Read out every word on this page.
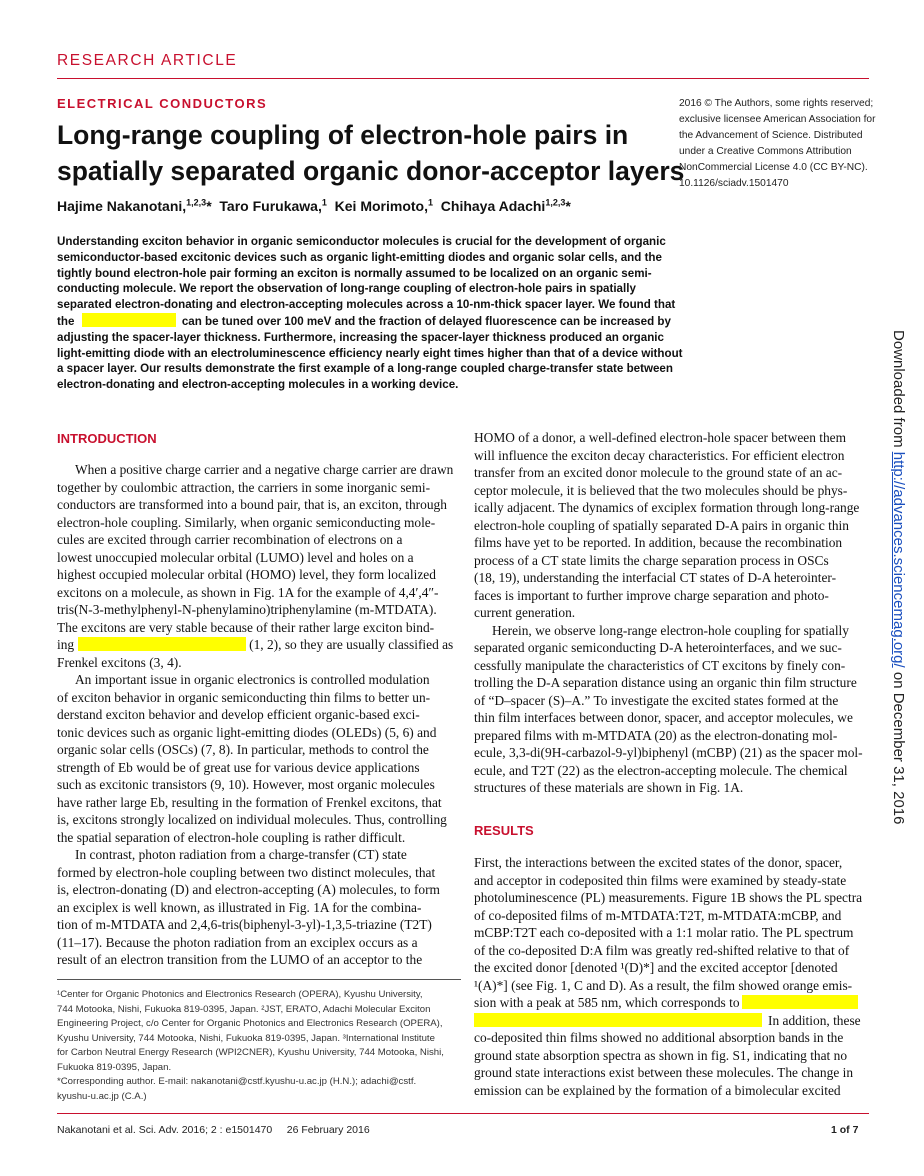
RESEARCH ARTICLE
ELECTRICAL CONDUCTORS
Long-range coupling of electron-hole pairs in
spatially separated organic donor-acceptor layers
2016 © The Authors, some rights reserved;
exclusive licensee American Association for
the Advancement of Science. Distributed
under a Creative Commons Attribution
NonCommercial License 4.0 (CC BY-NC).
10.1126/sciadv.1501470
Hajime Nakanotani,$^{1,2,3}$* Taro Furukawa,$^1$ Kei Morimoto,$^1$ Chihaya Adachi$^{1,2,3}$*
Understanding exciton behavior in organic semiconductor molecules is crucial for the development of organic
semiconductor-based excitonic devices such as organic light-emitting diodes and organic solar cells, and the
tightly bound electron-hole pair forming an exciton is normally assumed to be localized on an organic semi-
conducting molecule. We report the observation of long-range coupling of electron-hole pairs in spatially
separated electron-donating and electron-accepting molecules across a 10-nm-thick spacer layer. We found that
the	can be tuned over 100 meV and the fraction of delayed fluorescence can be increased by
adjusting the spacer-layer thickness. Furthermore, increasing the spacer-layer thickness produced an organic
light-emitting diode with an electroluminescence efficiency nearly eight times higher than that of a device without
a spacer layer. Our results demonstrate the first example of a long-range coupled charge-transfer state between
electron-donating and electron-accepting molecules in a working device.
INTRODUCTION
When a positive charge carrier and a negative charge carrier are drawn
together by coulombic attraction, the carriers in some inorganic semi-
conductors are transformed into a bound pair, that is, an exciton, through
electron-hole coupling. Similarly, when organic semiconducting mole-
cules are excited through carrier recombination of electrons on a
lowest unoccupied molecular orbital (LUMO) level and holes on a
highest occupied molecular orbital (HOMO) level, they form localized
excitons on a molecule, as shown in Fig. 1A for the example of 4,4′,4″-
tris(N-3-methylphenyl-N-phenylamino)triphenylamine (m-MTDATA).
The excitons are very stable because of their rather large exciton bind-
ing	(1, 2), so they are usually classified as
Frenkel excitons (3, 4).
An important issue in organic electronics is controlled modulation
of exciton behavior in organic semiconducting thin films to better un-
derstand exciton behavior and develop efficient organic-based exci-
tonic devices such as organic light-emitting diodes (OLEDs) (5, 6) and
organic solar cells (OSCs) (7, 8). In particular, methods to control the
strength of Eb would be of great use for various device applications
such as excitonic transistors (9, 10). However, most organic molecules
have rather large Eb, resulting in the formation of Frenkel excitons, that
is, excitons strongly localized on individual molecules. Thus, controlling
the spatial separation of electron-hole coupling is rather difficult.
In contrast, photon radiation from a charge-transfer (CT) state
formed by electron-hole coupling between two distinct molecules, that
is, electron-donating (D) and electron-accepting (A) molecules, to form
an exciplex is well known, as illustrated in Fig. 1A for the combina-
tion of m-MTDATA and 2,4,6-tris(biphenyl-3-yl)-1,3,5-triazine (T2T)
(11–17). Because the photon radiation from an exciplex occurs as a
result of an electron transition from the LUMO of an acceptor to the
¹Center for Organic Photonics and Electronics Research (OPERA), Kyushu University,
744 Motooka, Nishi, Fukuoka 819-0395, Japan. ²JST, ERATO, Adachi Molecular Exciton
Engineering Project, c/o Center for Organic Photonics and Electronics Research (OPERA),
Kyushu University, 744 Motooka, Nishi, Fukuoka 819-0395, Japan. ³International Institute
for Carbon Neutral Energy Research (WPI2CNER), Kyushu University, 744 Motooka, Nishi,
Fukuoka 819-0395, Japan.
*Corresponding author. E-mail: nakanotani@cstf.kyushu-u.ac.jp (H.N.); adachi@cstf.
kyushu-u.ac.jp (C.A.)
HOMO of a donor, a well-defined electron-hole spacer between them
will influence the exciton decay characteristics. For efficient electron
transfer from an excited donor molecule to the ground state of an ac-
ceptor molecule, it is believed that the two molecules should be phys-
ically adjacent. The dynamics of exciplex formation through long-range
electron-hole coupling of spatially separated D-A pairs in organic thin
films have yet to be reported. In addition, because the recombination
process of a CT state limits the charge separation process in OSCs
(18, 19), understanding the interfacial CT states of D-A heterointer-
faces is important to further improve charge separation and photo-
current generation.
Herein, we observe long-range electron-hole coupling for spatially
separated organic semiconducting D-A heterointerfaces, and we suc-
cessfully manipulate the characteristics of CT excitons by finely con-
trolling the D-A separation distance using an organic thin film structure
of “D–spacer (S)–A.” To investigate the excited states formed at the
thin film interfaces between donor, spacer, and acceptor molecules, we
prepared films with m-MTDATA (20) as the electron-donating mol-
ecule, 3,3-di(9H-carbazol-9-yl)biphenyl (mCBP) (21) as the spacer mol-
ecule, and T2T (22) as the electron-accepting molecule. The chemical
structures of these materials are shown in Fig. 1A.
RESULTS
First, the interactions between the excited states of the donor, spacer,
and acceptor in codeposited thin films were examined by steady-state
photoluminescence (PL) measurements. Figure 1B shows the PL spectra
of co-deposited films of m-MTDATA:T2T, m-MTDATA:mCBP, and
mCBP:T2T each co-deposited with a 1:1 molar ratio. The PL spectrum
of the co-deposited D:A film was greatly red-shifted relative to that of
the excited donor [denoted ¹(D)*] and the excited acceptor [denoted
¹(A)*] (see Fig. 1, C and D). As a result, the film showed orange emis-
sion with a peak at 585 nm, which corresponds to
In addition, these
co-deposited thin films showed no additional absorption bands in the
ground state absorption spectra as shown in fig. S1, indicating that no
ground state interactions exist between these molecules. The change in
emission can be explained by the formation of a bimolecular excited
Downloaded from http://advances.sciencemag.org/ on December 31, 2016
Nakanotani et al. Sci. Adv. 2016; 2 : e1501470     26 February 2016	1 of 7
